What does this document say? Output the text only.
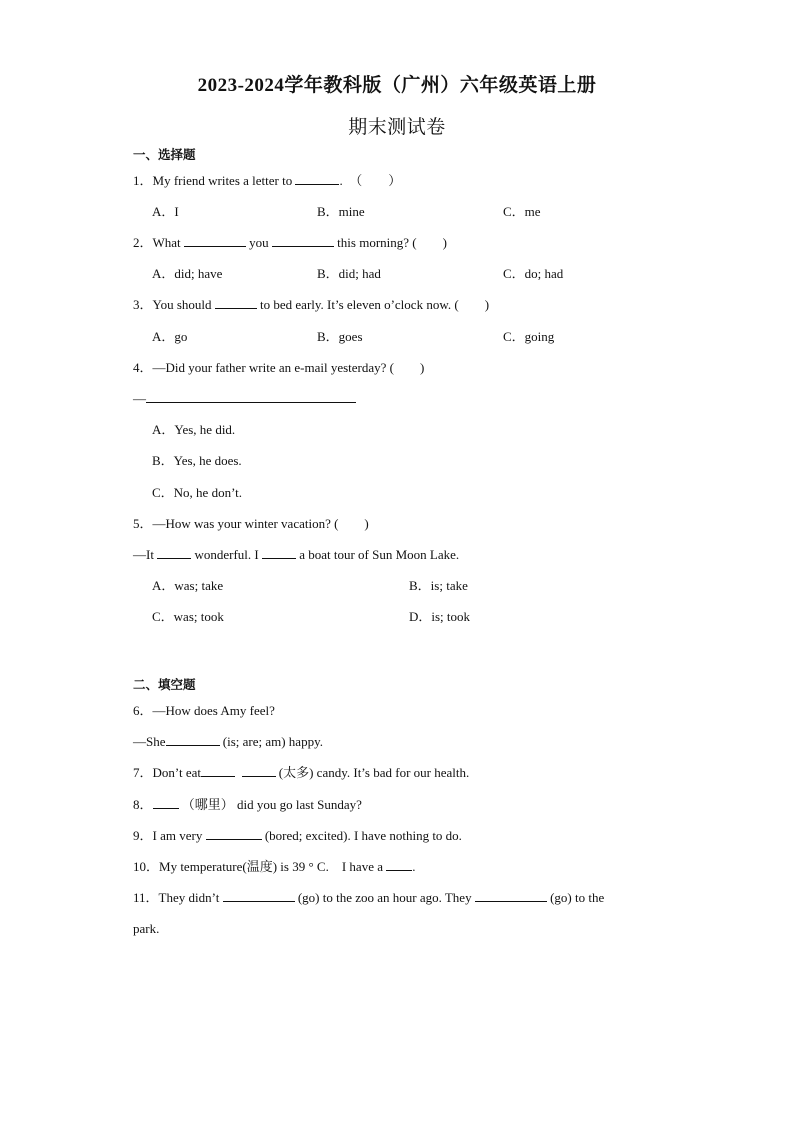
2023-2024学年教科版（广州）六年级英语上册
期末测试卷
一、选择题
1．My friend writes a letter to	.　（　　）
A．I	B．mine	C．me
2．What	you	this morning? (　　)
A．did; have	B．did; had	C．do; had
3．You should	to bed early. It’s eleven o’clock now. (　　)
A．go	B．goes	C．going
4．—Did your father write an e-mail yesterday? (　　)
—
A．Yes, he did.
B．Yes, he does.
C．No, he don’t.
5．—How was your winter vacation? (　　)
—It	wonderful. I	a boat tour of Sun Moon Lake.
A．was; take	B．is; take
C．was; took	D．is; took
二、填空题
6．—How does Amy feel?
—She	(is; are; am) happy.
7．Don’t eat	(太多) candy. It’s bad for our health.
8． （哪里） did you go last Sunday?
9．I am very	(bored; excited). I have nothing to do.
10．My temperature(温度) is 39 ° C.　I have a .
11．They didn’t	(go) to the zoo an hour ago. They	(go) to the
park.
